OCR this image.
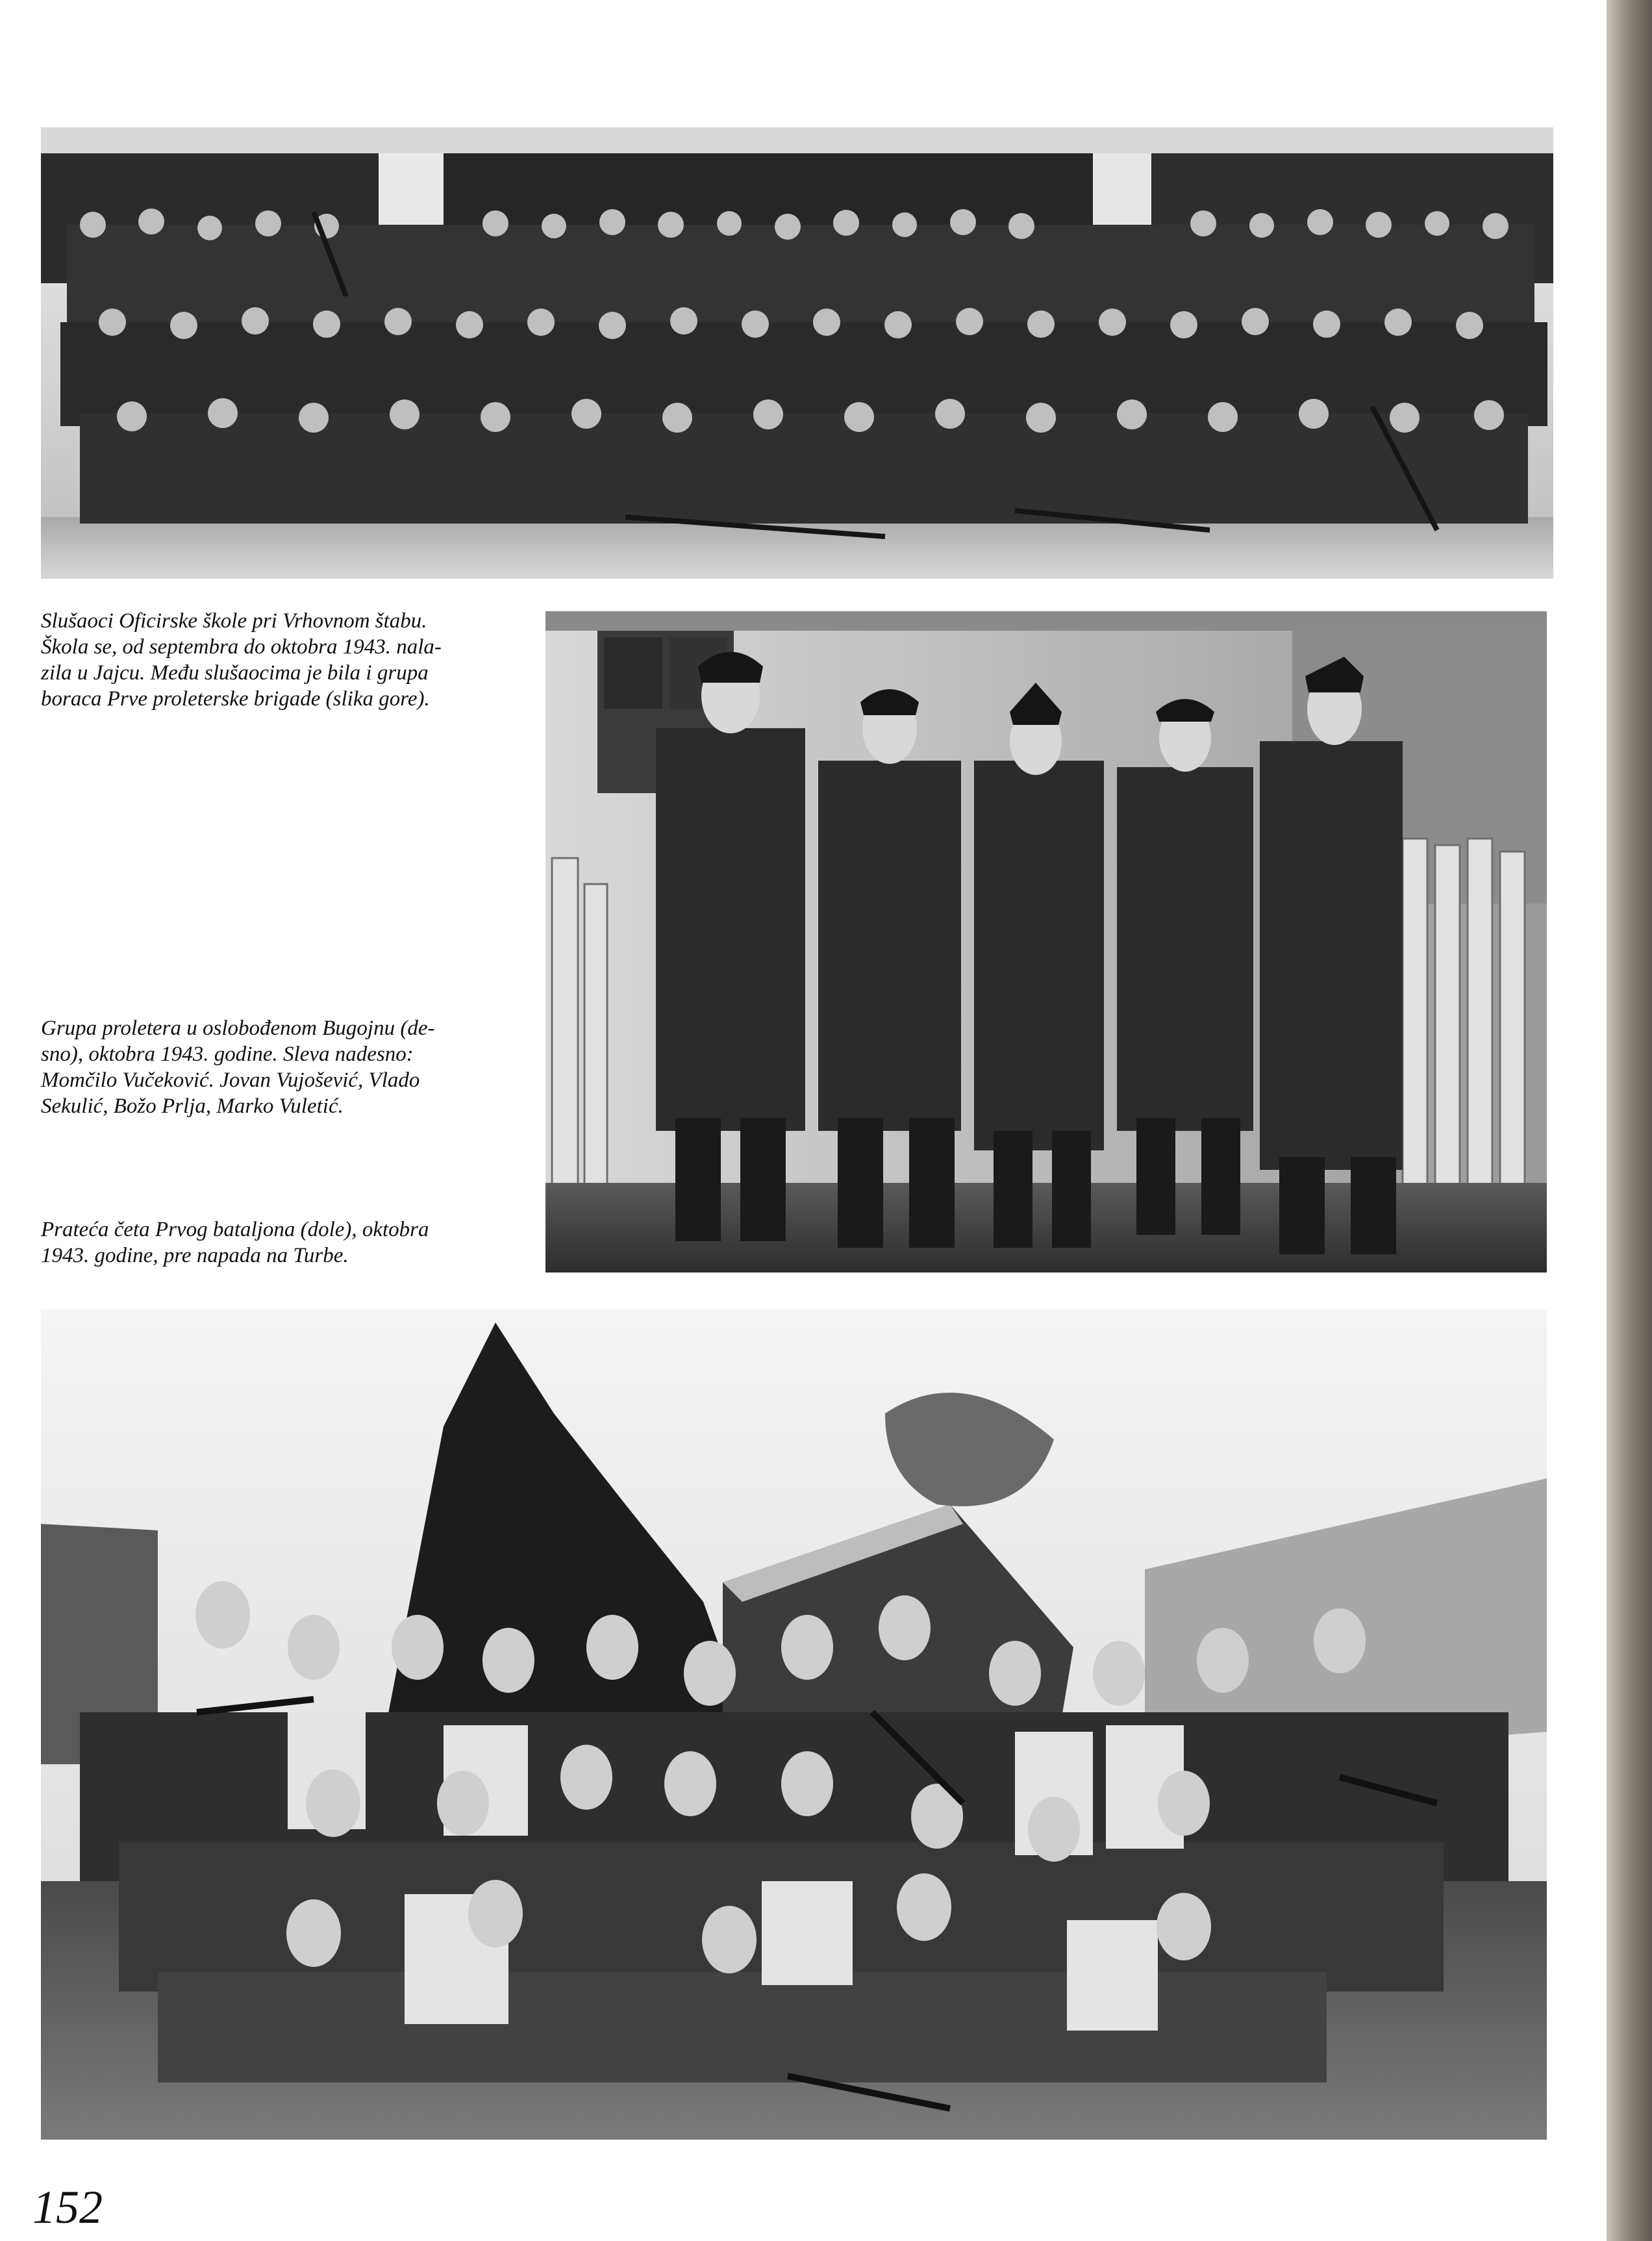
Slušaoci Oficirske škole pri Vrhovnom štabu.
Škola se, od septembra do oktobra 1943. nala-
zila u Jajcu. Među slušaocima je bila i grupa
boraca Prve proleterske brigade (slika gore).
Grupa proletera u oslobođenom Bugojnu (de-
sno), oktobra 1943. godine. Sleva nadesno:
Momčilo Vučeković. Jovan Vujošević, Vlado
Sekulić, Božo Prlja, Marko Vuletić.
Prateća četa Prvog bataljona (dole), oktobra
1943. godine, pre napada na Turbe.
152
